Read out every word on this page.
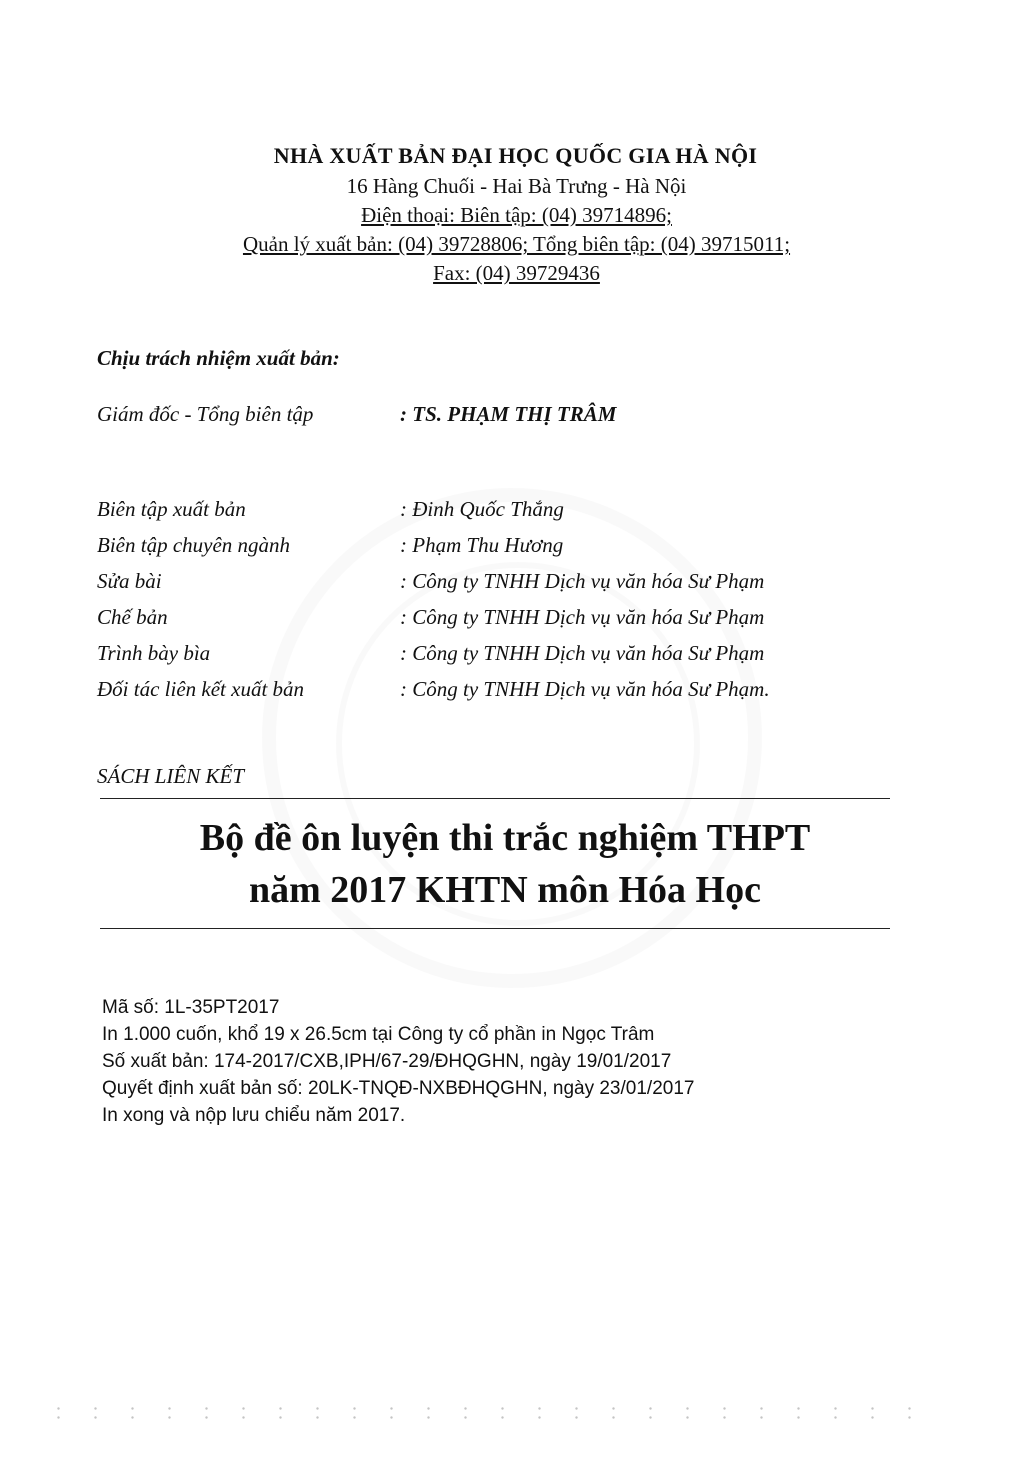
NHÀ XUẤT BẢN ĐẠI HỌC QUỐC GIA HÀ NỘI
16 Hàng Chuối - Hai Bà Trưng - Hà Nội
Điện thoại: Biên tập: (04) 39714896;
Quản lý xuất bản: (04) 39728806; Tổng biên tập: (04) 39715011;
Fax: (04) 39729436
Chịu trách nhiệm xuất bản:
Giám đốc - Tổng biên tập	: TS. PHẠM THỊ TRÂM
Biên tập xuất bản	: Đinh Quốc Thắng
Biên tập chuyên ngành	: Phạm Thu Hương
Sửa bài	: Công ty TNHH Dịch vụ văn hóa Sư Phạm
Chế bản	: Công ty TNHH Dịch vụ văn hóa Sư Phạm
Trình bày bìa	: Công ty TNHH Dịch vụ văn hóa Sư Phạm
Đối tác liên kết xuất bản	: Công ty TNHH Dịch vụ văn hóa Sư Phạm.
SÁCH LIÊN KẾT
Bộ đề ôn luyện thi trắc nghiệm THPT
năm 2017 KHTN môn Hóa Học
Mã số: 1L-35PT2017
In 1.000 cuốn, khổ 19 x 26.5cm tại Công ty cổ phần in Ngọc Trâm
Số xuất bản: 174-2017/CXB,IPH/67-29/ĐHQGHN, ngày 19/01/2017
Quyết định xuất bản số: 20LK-TNQĐ-NXBĐHQGHN, ngày 23/01/2017
In xong và nộp lưu chiểu năm 2017.
